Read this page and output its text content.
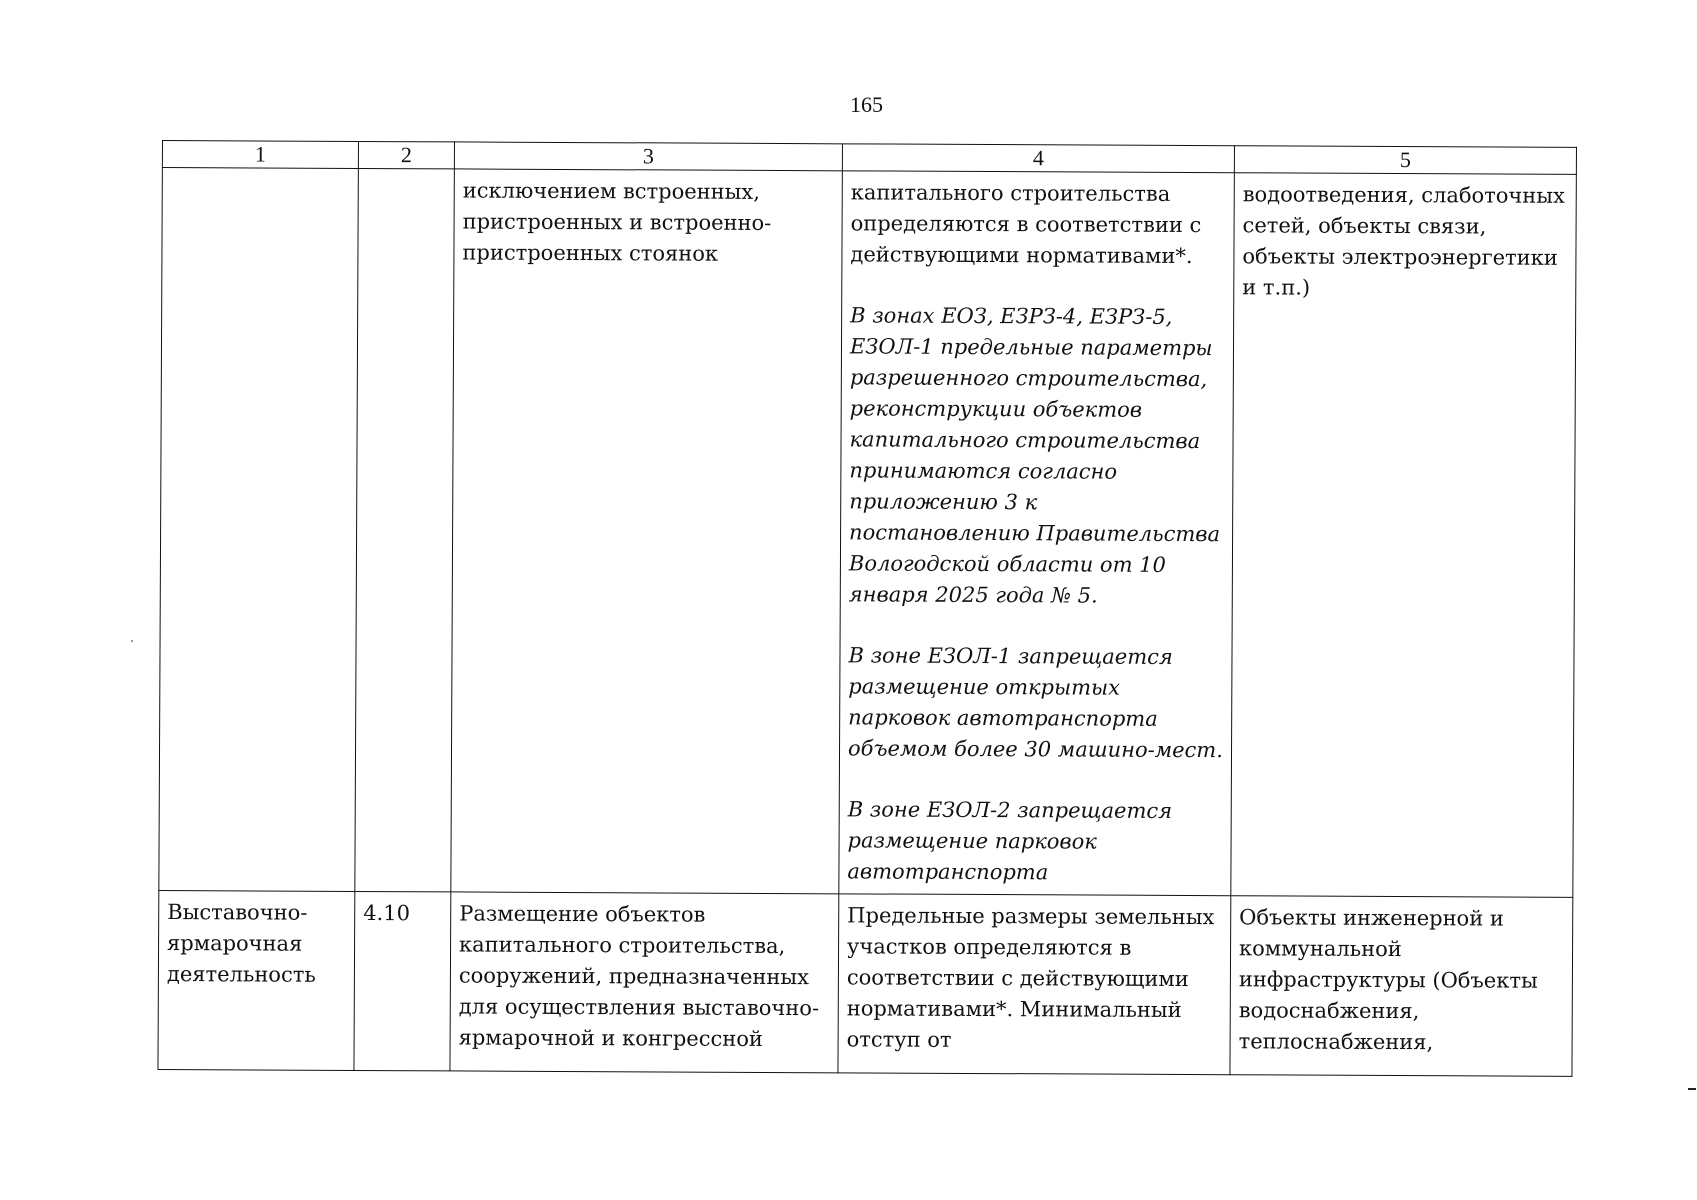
165
1	2	3	4	5
		исключением встроенных, пристроенных и встроенно-пристроенных стоянок	капитального строительства определяются в соответствии с действующими нормативами*.
В зонах ЕОЗ, ЕЗРЗ-4, ЕЗРЗ-5, ЕЗОЛ-1 предельные параметры разрешенного строительства, реконструкции объектов капитального строительства принимаются согласно приложению 3 к постановлению Правительства Вологодской области от 10 января 2025 года № 5.
В зоне ЕЗОЛ-1 запрещается размещение открытых парковок автотранспорта объемом более 30 машино-мест.
В зоне ЕЗОЛ-2 запрещается размещение парковок автотранспорта	водоотведения, слаботочных сетей, объекты связи, объекты электроэнергетики и т.п.)
Выставочно-ярмарочная деятельность	4.10	Размещение объектов капитального строительства, сооружений, предназначенных для осуществления выставочно-ярмарочной и конгрессной	Предельные размеры земельных участков определяются в соответствии с действующими нормативами*. Минимальный отступ от	Объекты инженерной и коммунальной инфраструктуры (Объекты водоснабжения, теплоснабжения,
